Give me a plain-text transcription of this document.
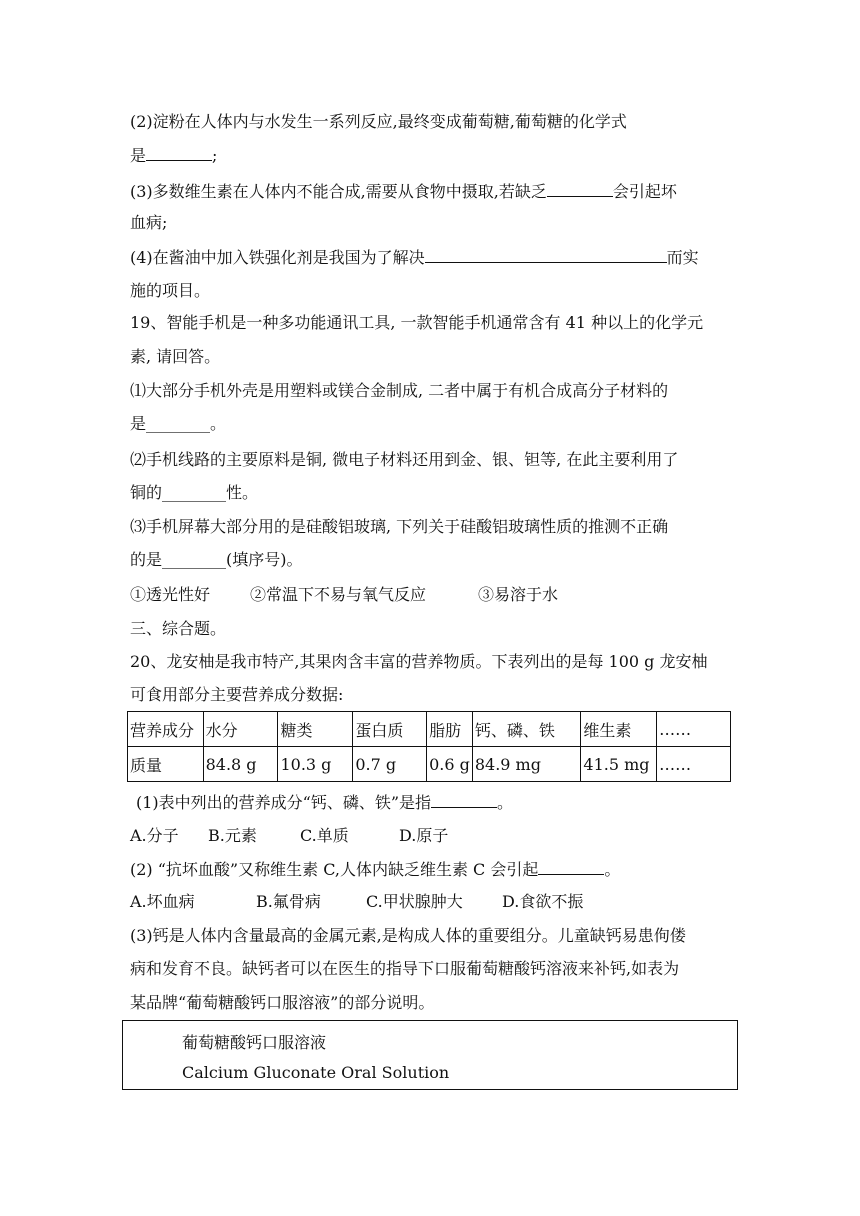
(2)淀粉在人体内与水发生一系列反应,最终变成葡萄糖,葡萄糖的化学式
是	;
(3)多数维生素在人体内不能合成,需要从食物中摄取,若缺乏	会引起坏
血病;
(4)在酱油中加入铁强化剂是我国为了解决	而实
施的项目。
19、智能手机是一种多功能通讯工具, 一款智能手机通常含有 41 种以上的化学元
素, 请回答。
⑴大部分手机外壳是用塑料或镁合金制成, 二者中属于有机合成高分子材料的
是________。
⑵手机线路的主要原料是铜, 微电子材料还用到金、银、钽等, 在此主要利用了
铜的________性。
⑶手机屏幕大部分用的是硅酸铝玻璃, 下列关于硅酸铝玻璃性质的推测不正确
的是________(填序号)。
①透光性好 ②常温下不易与氧气反应	③易溶于水
三、综合题。
20、龙安柚是我市特产,其果肉含丰富的营养物质。下表列出的是每 100 g 龙安柚
可食用部分主要营养成分数据:
营养成分	水分	糖类	蛋白质	脂肪	钙、磷、铁	维生素	……
质量	84.8 g	10.3 g	0.7 g	0.6 g	84.9 mg	41.5 mg	……
(1)表中列出的营养成分“钙、磷、铁”是指	。
A.分子 B.元素	C.单质	D.原子
(2) “抗坏血酸”又称维生素 C,人体内缺乏维生素 C 会引起	。
A.坏血病	B.氟骨病	C.甲状腺肿大 D.食欲不振
(3)钙是人体内含量最高的金属元素,是构成人体的重要组分。儿童缺钙易患佝偻
病和发育不良。缺钙者可以在医生的指导下口服葡萄糖酸钙溶液来补钙,如表为
某品牌“葡萄糖酸钙口服溶液”的部分说明。
葡萄糖酸钙口服溶液
Calcium Gluconate Oral Solution
